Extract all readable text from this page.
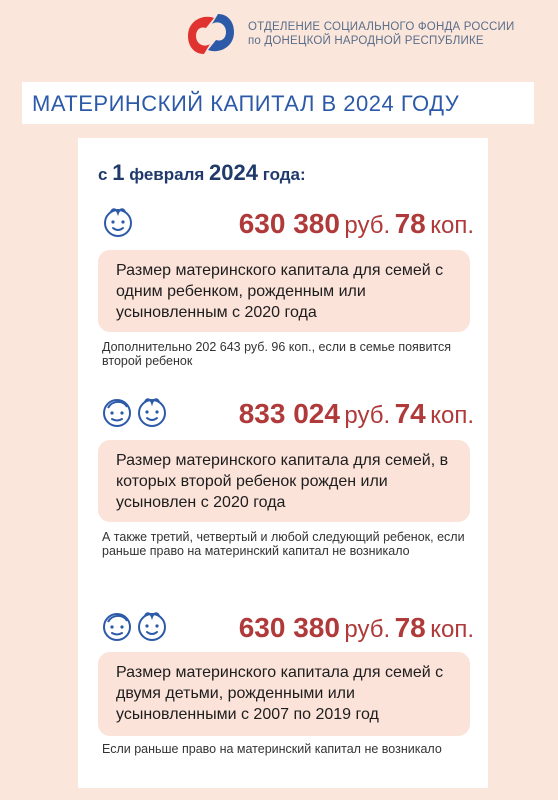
ОТДЕЛЕНИЕ СОЦИАЛЬНОГО ФОНДА РОССИИ
по ДОНЕЦКОЙ НАРОДНОЙ РЕСПУБЛИКЕ
МАТЕРИНСКИЙ КАПИТАЛ В 2024 ГОДУ
с 1 февраля 2024 года:
630 380 руб. 78 коп.

Размер материнского капитала для семей с одним ребенком, рожденным или усыновленным с 2020 года

Дополнительно 202 643 руб. 96 коп., если в семье появится второй ребенок
833 024 руб. 74 коп.

Размер материнского капитала для семей, в которых второй ребенок рожден или усыновлен с 2020 года

А также третий, четвертый и любой следующий ребенок, если раньше право на материнский капитал не возникало
630 380 руб. 78 коп.

Размер материнского капитала для семей с двумя детьми, рожденными или усыновленными с 2007 по 2019 год

Если раньше право на материнский капитал не возникало
